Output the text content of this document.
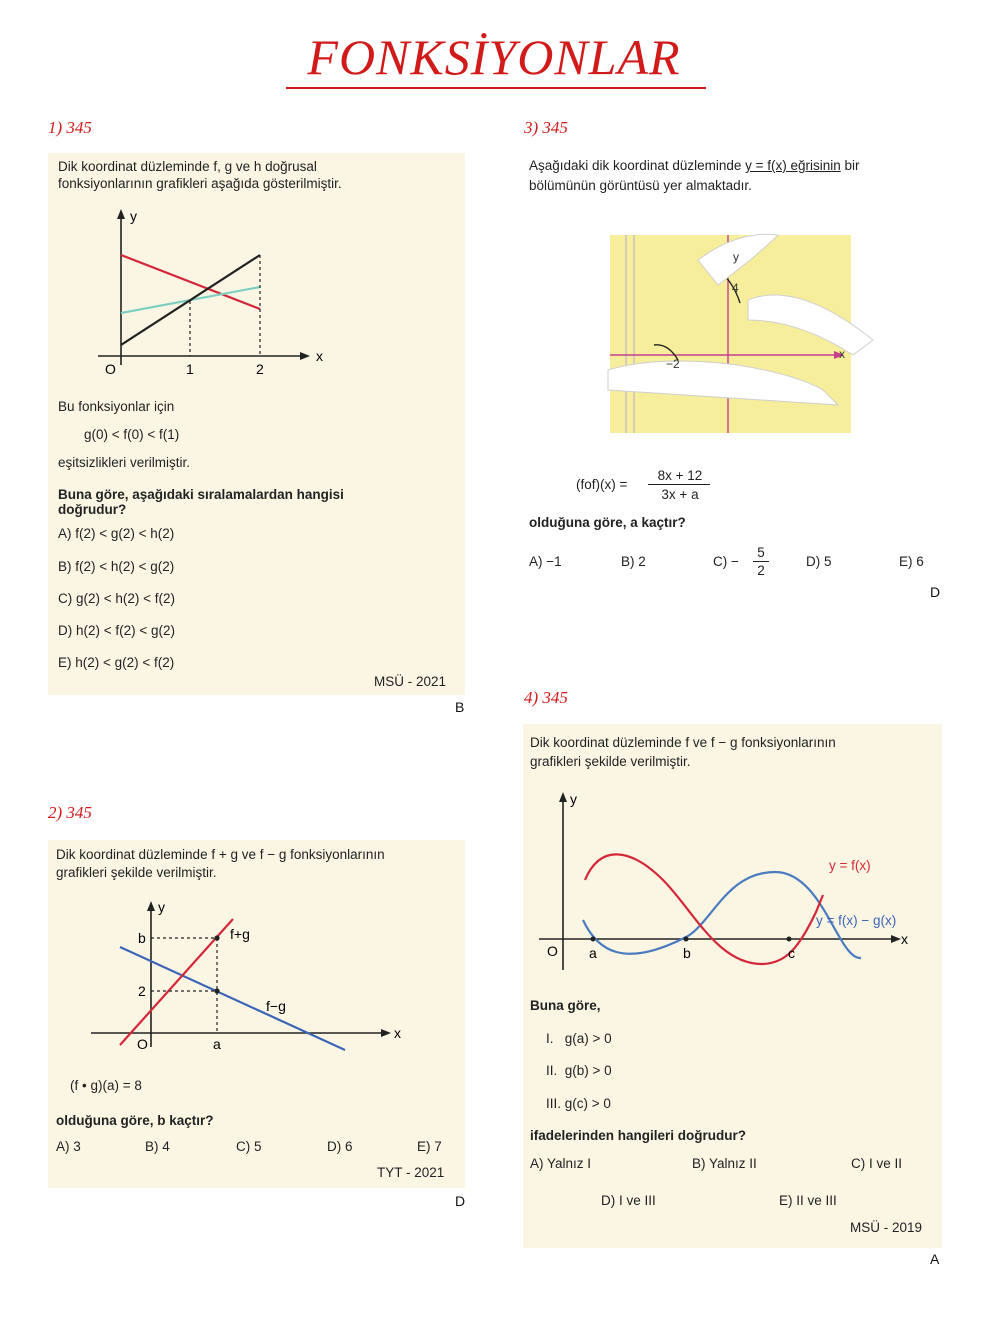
FONKSİYONLAR
1) 345
Dik koordinat düzleminde f, g ve h doğrusal
fonksiyonlarının grafikleri aşağıda gösterilmiştir.
y
x
O	1	2
Bu fonksiyonlar için
g(0) < f(0) < f(1)
eşitsizlikleri verilmiştir.
Buna göre, aşağıdaki sıralamalardan hangisi
doğrudur?
A) f(2) < g(2) < h(2)
B) f(2) < h(2) < g(2)
C) g(2) < h(2) < f(2)
D) h(2) < f(2) < g(2)
E) h(2) < g(2) < f(2)
MSÜ - 2021
B
2) 345
Dik koordinat düzleminde f + g ve f − g fonksiyonlarının
grafikleri şekilde verilmiştir.
y
x
O
b
2
a
f+g
f−g
(f • g)(a) = 8
olduğuna göre, b kaçtır?
A) 3	B) 4	C) 5	D) 6	E) 7
TYT - 2021
D
3) 345
Aşağıdaki dik koordinat düzleminde y = f(x) eğrisinin bir
bölümünün görüntüsü yer almaktadır.
y
x
4
−2
(fof)(x) =
8x + 12
3x + a
olduğuna göre, a kaçtır?
A) −1	B) 2	C) −
5
2
D) 5	E) 6
D
4) 345
Dik koordinat düzleminde f ve f − g fonksiyonlarının
grafikleri şekilde verilmiştir.
y
x
O a	b	c
y = f(x)
y = f(x) − g(x)
Buna göre,
I.   g(a) > 0
II.  g(b) > 0
III. g(c) > 0
ifadelerinden hangileri doğrudur?
A) Yalnız I	B) Yalnız II	C) I ve II
D) I ve III	E) II ve III
MSÜ - 2019
A
